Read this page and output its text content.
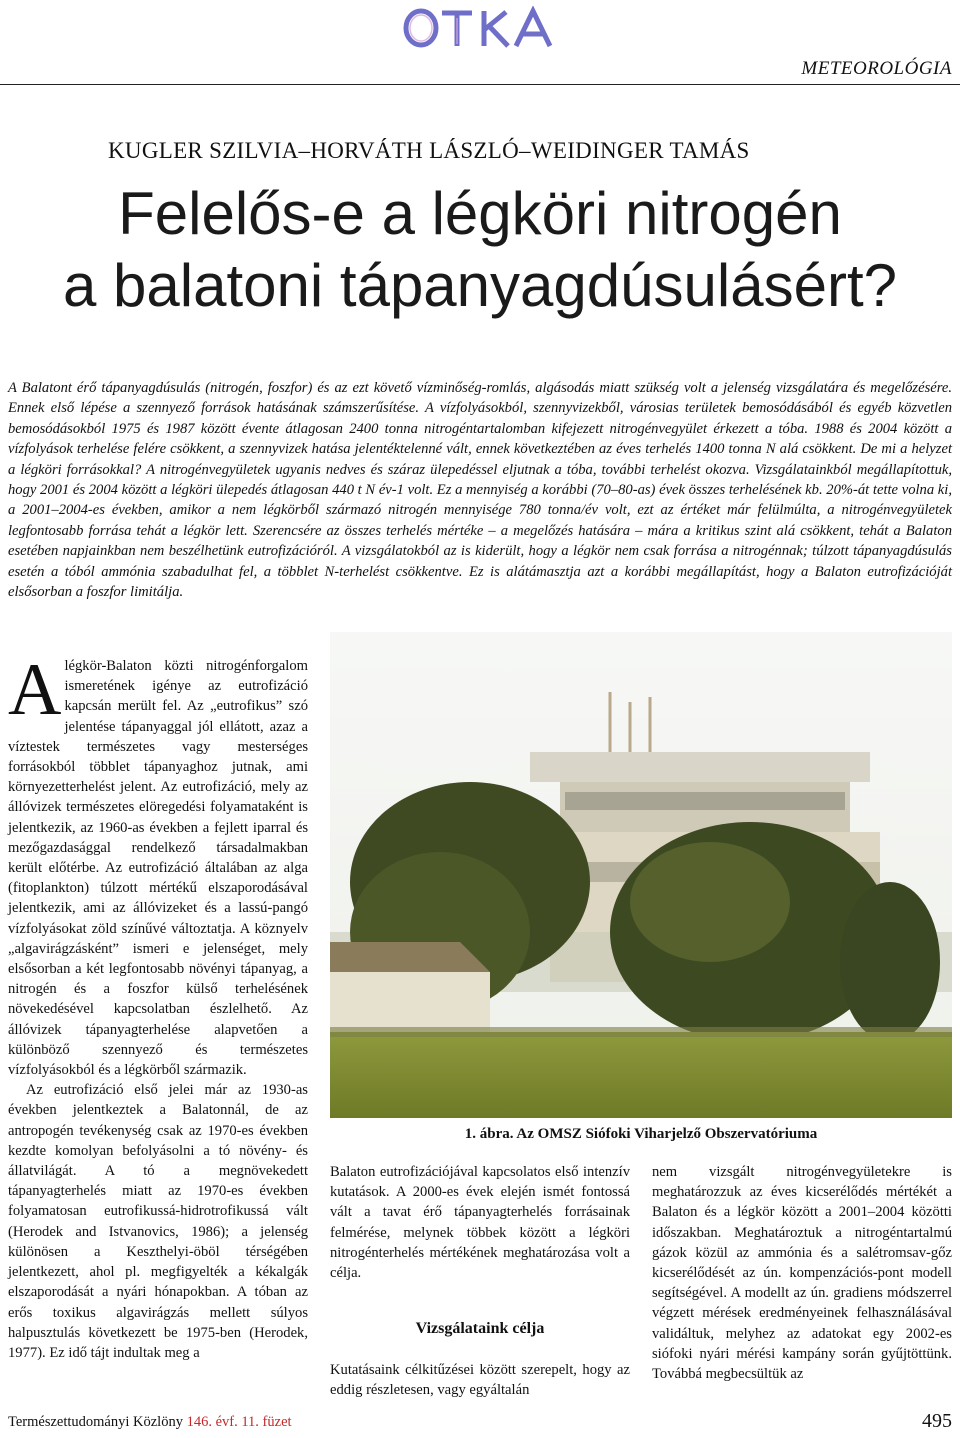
METEOROLÓGIA
KUGLER SZILVIA–HORVÁTH LÁSZLÓ–WEIDINGER TAMÁS
Felelős-e a légköri nitrogén
a balatoni tápanyagdúsulásért?

A Balatont érő tápanyagdúsulás (nitrogén, foszfor) és az ezt követő vízminőség-romlás, algásodás miatt szükség volt a jelenség vizsgálatára és megelőzésére. Ennek első lépése a szennyező források hatásának számszerűsítése. A vízfolyásokból, szennyvizekből, városias területek bemosódásából és egyéb közvetlen bemosódásokból 1975 és 1987 között évente átlagosan 2400 tonna nitrogéntartalomban kifejezett nitrogénvegyület érkezett a tóba. 1988 és 2004 között a vízfolyások terhelése felére csökkent, a szennyvizek hatása jelentéktelenné vált, ennek következtében az éves terhelés 1400 tonna N alá csökkent. De mi a helyzet a légköri forrásokkal? A nitrogénvegyületek ugyanis nedves és száraz ülepedéssel eljutnak a tóba, további terhelést okozva. Vizsgálatainkból megállapítottuk, hogy 2001 és 2004 között a légköri ülepedés átlagosan 440 t N év-1 volt. Ez a mennyiség a korábbi (70–80-as) évek összes terhelésének kb. 20%-át tette volna ki, a 2001–2004-es években, amikor a nem légkörből származó nitrogén mennyisége 780 tonna/év volt, ezt az értéket már felülmúlta, a nitrogénvegyületek legfontosabb forrása tehát a légkör lett. Szerencsére az összes terhelés mértéke – a megelőzés hatására – mára a kritikus szint alá csökkent, tehát a Balaton esetében napjainkban nem beszélhetünk eutrofizációról. A vizsgálatokból az is kiderült, hogy a légkör nem csak forrása a nitrogénnak; túlzott tápanyagdúsulás esetén a tóból ammónia szabadulhat fel, a többlet N-terhelést csökkentve. Ez is alátámasztja azt a korábbi megállapítást, hogy a Balaton eutrofizációját elsősorban a foszfor limitálja.

Alégkör-Balaton közti nitrogénforgalom ismeretének igénye az eutrofizáció kapcsán merült fel. Az „eutrofikus” szó jelentése tápanyaggal jól ellátott, azaz a víztestek természetes vagy mesterséges forrásokból többlet tápanyaghoz jutnak, ami környezetterhelést jelent. Az eutrofizáció, mely az állóvizek természetes elöregedési folyamataként is jelentkezik, az 1960-as években a fejlett iparral és mezőgazdasággal rendelkező társadalmakban került előtérbe. Az eutrofizáció általában az alga (fitoplankton) túlzott mértékű elszaporodásával jelentkezik, ami az állóvizeket és a lassú-pangó vízfolyásokat zöld színűvé változtatja. A köznyelv „algavirágzásként” ismeri e jelenséget, mely elsősorban a két legfontosabb növényi tápanyag, a nitrogén és a foszfor külső terhelésének növekedésével kapcsolatban észlelhető. Az állóvizek tápanyagterhelése alapvetően a különböző szennyező és természetes vízfolyásokból és a légkörből származik.

Az eutrofizáció első jelei már az 1930-as években jelentkeztek a Balatonnál, de az antropogén tevékenység csak az 1970-es években kezdte komolyan befolyásolni a tó növény- és állatvilágát. A tó a megnövekedett tápanyagterhelés miatt az 1970-es években folyamatosan eutrofikussá-hidrotrofikussá vált (Herodek and Istvanovics, 1986); a jelenség különösen a Keszthelyi-öböl térségében jelentkezett, ahol pl. megfigyelték a kékalgák elszaporodását a nyári hónapokban. A tóban az erős toxikus algavirágzás mellett súlyos halpusztulás következett be 1975-ben (Herodek, 1977). Ez idő tájt indultak meg a

1. ábra. Az OMSZ Siófoki Viharjelző Obszervatóriuma

Balaton eutrofizációjával kapcsolatos első intenzív kutatások. A 2000-es évek elején ismét fontossá vált a tavat érő tápanyagterhelés forrásainak felmérése, melynek többek között a légköri nitrogénterhelés mértékének meghatározása volt a célja.

Vizsgálataink célja

Kutatásaink célkitűzései között szerepelt, hogy az eddig részletesen, vagy egyáltalán

nem vizsgált nitrogénvegyületekre is meghatározzuk az éves kicserélődés mértékét a Balaton és a légkör között a 2001–2004 közötti időszakban. Meghatároztuk a nitrogéntartalmú gázok közül az ammónia és a salétromsav-gőz kicserélődését az ún. kompenzációs-pont modell segítségével. A modellt az ún. gradiens módszerrel végzett mérések eredményeinek felhasználásával validáltuk, melyhez az adatokat egy 2002-es siófoki nyári mérési kampány során gyűjtöttünk. Továbbá megbecsültük az

Természettudományi Közlöny 146. évf. 11. füzet	495
